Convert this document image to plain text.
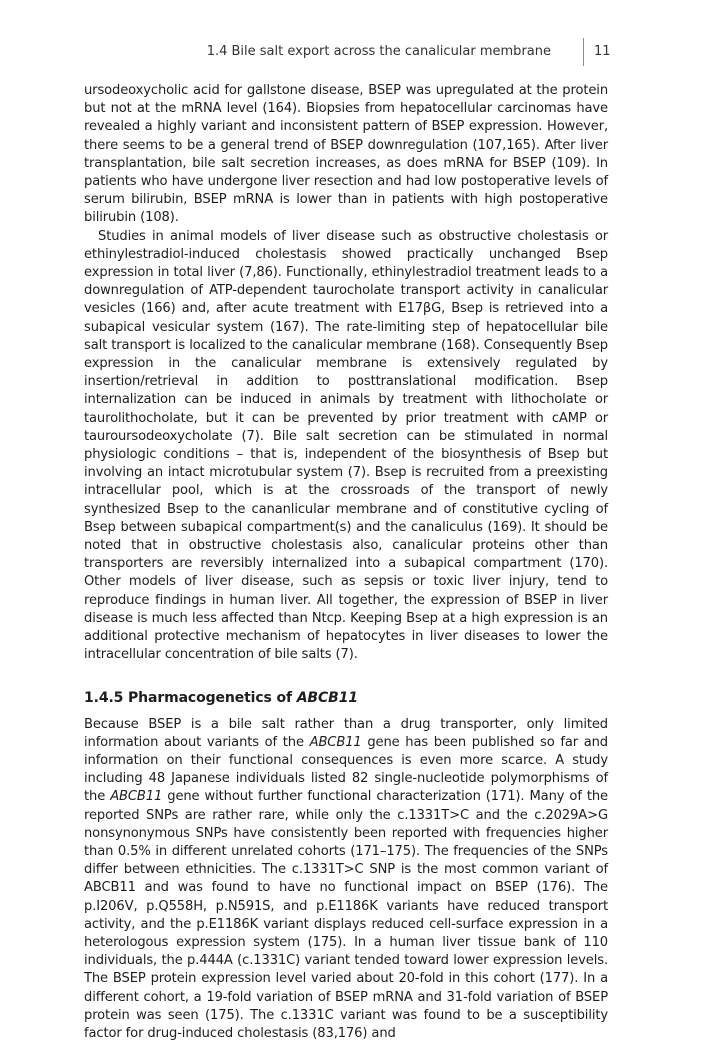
1.4 Bile salt export across the canalicular membrane	11

ursodeoxycholic acid for gallstone disease, BSEP was upregulated at the protein but not at the mRNA level (164). Biopsies from hepatocellular carcinomas have revealed a highly variant and inconsistent pattern of BSEP expression. However, there seems to be a general trend of BSEP downregulation (107,165). After liver transplantation, bile salt secretion increases, as does mRNA for BSEP (109). In patients who have undergone liver resection and had low postoperative levels of serum bilirubin, BSEP mRNA is lower than in patients with high postoperative bilirubin (108).

Studies in animal models of liver disease such as obstructive cholestasis or ethinylestradiol-induced cholestasis showed practically unchanged Bsep expression in total liver (7,86). Functionally, ethinylestradiol treatment leads to a downregulation of ATP-dependent taurocholate transport activity in canalicular vesicles (166) and, after acute treatment with E17βG, Bsep is retrieved into a subapical vesicular system (167). The rate-limiting step of hepatocellular bile salt transport is localized to the canalicular membrane (168). Consequently Bsep expression in the canalicular membrane is extensively regulated by insertion/retrieval in addition to posttranslational modification. Bsep internalization can be induced in animals by treatment with lithocholate or taurolithocholate, but it can be prevented by prior treatment with cAMP or tauroursodeoxycholate (7). Bile salt secretion can be stimulated in normal physiologic conditions – that is, independent of the biosynthesis of Bsep but involving an intact microtubular system (7). Bsep is recruited from a preexisting intracellular pool, which is at the crossroads of the transport of newly synthesized Bsep to the cananlicular membrane and of constitutive cycling of Bsep between subapical compartment(s) and the canaliculus (169). It should be noted that in obstructive cholestasis also, canalicular proteins other than transporters are reversibly internalized into a subapical compartment (170). Other models of liver disease, such as sepsis or toxic liver injury, tend to reproduce findings in human liver. All together, the expression of BSEP in liver disease is much less affected than Ntcp. Keeping Bsep at a high expression is an additional protective mechanism of hepatocytes in liver diseases to lower the intracellular concentration of bile salts (7).

1.4.5 Pharmacogenetics of ABCB11

Because BSEP is a bile salt rather than a drug transporter, only limited information about variants of the ABCB11 gene has been published so far and information on their functional consequences is even more scarce. A study including 48 Japanese individuals listed 82 single-nucleotide polymorphisms of the ABCB11 gene without further functional characterization (171). Many of the reported SNPs are rather rare, while only the c.1331T>C and the c.2029A>G nonsynonymous SNPs have consistently been reported with frequencies higher than 0.5% in different unrelated cohorts (171–175). The frequencies of the SNPs differ between ethnicities. The c.1331T>C SNP is the most common variant of ABCB11 and was found to have no functional impact on BSEP (176). The p.I206V, p.Q558H, p.N591S, and p.E1186K variants have reduced transport activity, and the p.E1186K variant displays reduced cell-surface expression in a heterologous expression system (175). In a human liver tissue bank of 110 individuals, the p.444A (c.1331C) variant tended toward lower expression levels. The BSEP protein expression level varied about 20-fold in this cohort (177). In a different cohort, a 19-fold variation of BSEP mRNA and 31-fold variation of BSEP protein was seen (175). The c.1331C variant was found to be a susceptibility factor for drug-induced cholestasis (83,176) and
